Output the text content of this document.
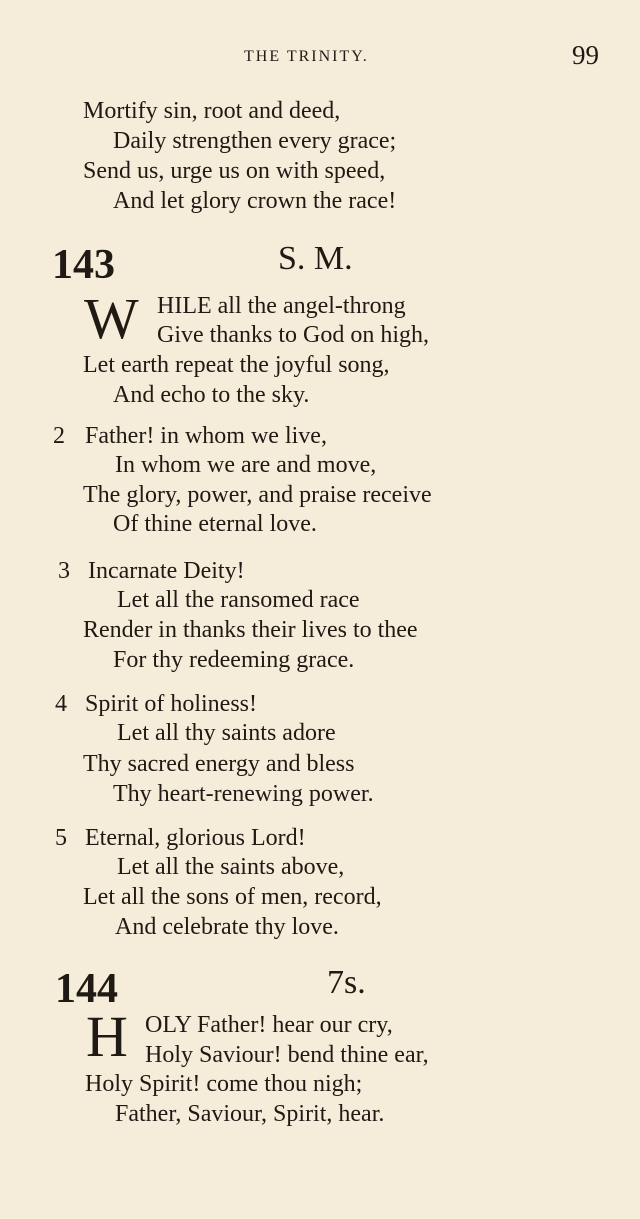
THE TRINITY.	99
Mortify sin, root and deed,
Daily strengthen every grace;
Send us, urge us on with speed,
And let glory crown the race!
143	S. M.
W HILE all the angel-throng
Give thanks to God on high,
Let earth repeat the joyful song,
And echo to the sky.
2 Father! in whom we live,
In whom we are and move,
The glory, power, and praise receive
Of thine eternal love.
3 Incarnate Deity!
Let all the ransomed race
Render in thanks their lives to thee
For thy redeeming grace.
4 Spirit of holiness!
Let all thy saints adore
Thy sacred energy and bless
Thy heart-renewing power.
5 Eternal, glorious Lord!
Let all the saints above,
Let all the sons of men, record,
And celebrate thy love.
144	7s.
H OLY Father! hear our cry,
Holy Saviour! bend thine ear,
Holy Spirit! come thou nigh;
Father, Saviour, Spirit, hear.
